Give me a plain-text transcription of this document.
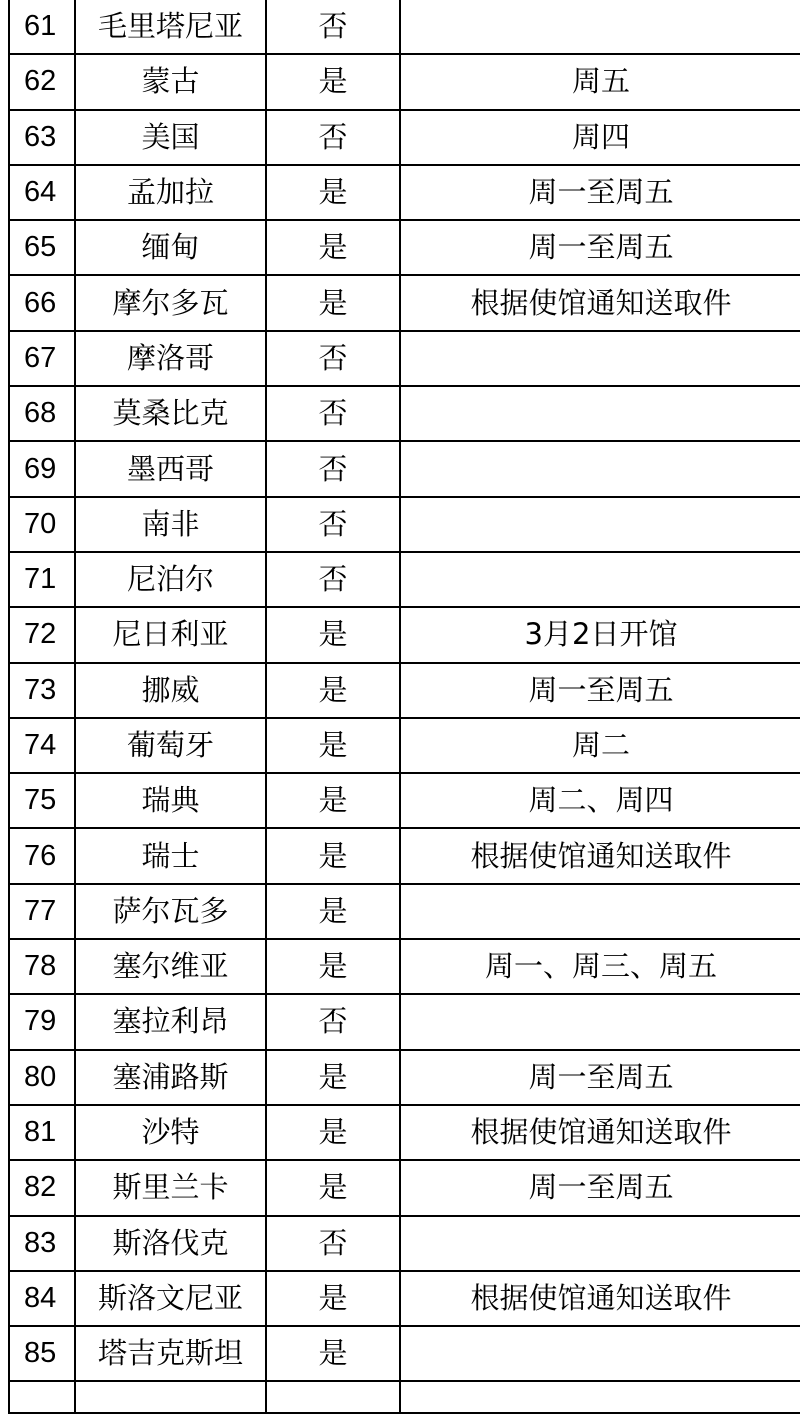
61	毛里塔尼亚	否	

62	蒙古	是	周五

63	美国	否	周四

64	孟加拉	是	周一至周五

65	缅甸	是	周一至周五

66	摩尔多瓦	是	根据使馆通知送取件

67	摩洛哥	否	

68	莫桑比克	否	

69	墨西哥	否	

70	南非	否	

71	尼泊尔	否	

72	尼日利亚	是	3月2日开馆

73	挪威	是	周一至周五

74	葡萄牙	是	周二

75	瑞典	是	周二、周四

76	瑞士	是	根据使馆通知送取件

77	萨尔瓦多	是	

78	塞尔维亚	是	周一、周三、周五

79	塞拉利昂	否	

80	塞浦路斯	是	周一至周五

81	沙特	是	根据使馆通知送取件

82	斯里兰卡	是	周一至周五

83	斯洛伐克	否	

84	斯洛文尼亚	是	根据使馆通知送取件

85	塔吉克斯坦	是	
